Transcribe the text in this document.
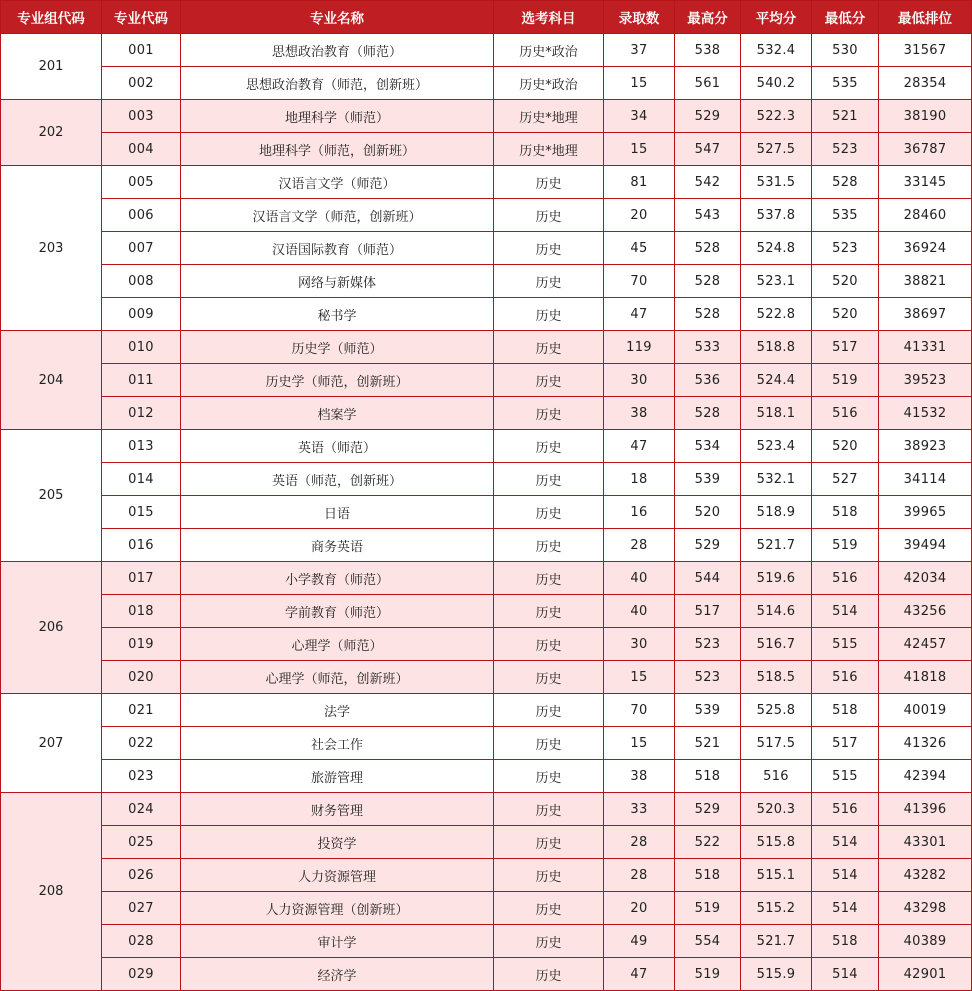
专业组代码	专业代码	专业名称	选考科目	录取数	最高分	平均分	最低分	最低排位
201	001	思想政治教育（师范）	历史*政治	37	538	532.4	530	31567
	002	思想政治教育（师范，创新班）	历史*政治	15	561	540.2	535	28354
202	003	地理科学（师范）	历史*地理	34	529	522.3	521	38190
	004	地理科学（师范，创新班）	历史*地理	15	547	527.5	523	36787
203	005	汉语言文学（师范）	历史	81	542	531.5	528	33145
	006	汉语言文学（师范，创新班）	历史	20	543	537.8	535	28460
	007	汉语国际教育（师范）	历史	45	528	524.8	523	36924
	008	网络与新媒体	历史	70	528	523.1	520	38821
	009	秘书学	历史	47	528	522.8	520	38697
204	010	历史学（师范）	历史	119	533	518.8	517	41331
	011	历史学（师范，创新班）	历史	30	536	524.4	519	39523
	012	档案学	历史	38	528	518.1	516	41532
205	013	英语（师范）	历史	47	534	523.4	520	38923
	014	英语（师范，创新班）	历史	18	539	532.1	527	34114
	015	日语	历史	16	520	518.9	518	39965
	016	商务英语	历史	28	529	521.7	519	39494
206	017	小学教育（师范）	历史	40	544	519.6	516	42034
	018	学前教育（师范）	历史	40	517	514.6	514	43256
	019	心理学（师范）	历史	30	523	516.7	515	42457
	020	心理学（师范，创新班）	历史	15	523	518.5	516	41818
207	021	法学	历史	70	539	525.8	518	40019
	022	社会工作	历史	15	521	517.5	517	41326
	023	旅游管理	历史	38	518	516	515	42394
208	024	财务管理	历史	33	529	520.3	516	41396
	025	投资学	历史	28	522	515.8	514	43301
	026	人力资源管理	历史	28	518	515.1	514	43282
	027	人力资源管理（创新班）	历史	20	519	515.2	514	43298
	028	审计学	历史	49	554	521.7	518	40389
	029	经济学	历史	47	519	515.9	514	42901
